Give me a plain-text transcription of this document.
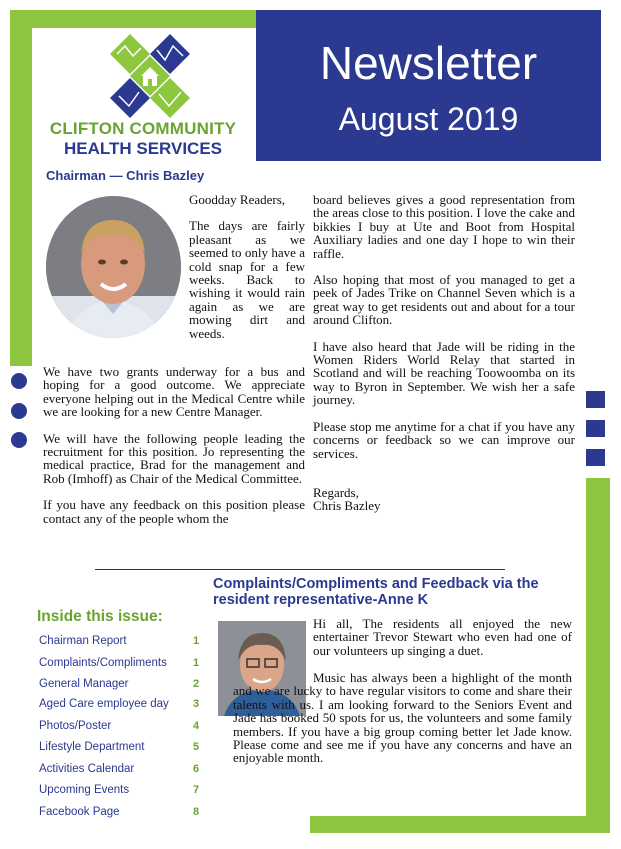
Newsletter
August 2019
CLIFTON COMMUNITY
HEALTH SERVICES
Chairman — Chris Bazley

Goodday Readers,

The days are fairly pleasant as we seemed to only have a cold snap for a few weeks. Back to wishing it would rain again as we are mowing dirt and weeds.

We have two grants underway for a bus and hoping for a good outcome. We appreciate everyone helping out in the Medical Centre while we are looking for a new Centre Manager.

We will have the following people leading the recruitment for this position. Jo representing the medical practice, Brad for the management and Rob (Imhoff) as Chair of the Medical Committee.

If you have any feedback on this position please contact any of the people whom the

board believes gives a good representation from the areas close to this position. I love the cake and bikkies I buy at Ute and Boot from Hospital Auxiliary ladies and one day I hope to win their raffle.

Also hoping that most of you managed to get a peek of Jades Trike on Channel Seven which is a great way to get residents out and about for a tour around Clifton.

I have also heard that Jade will be riding in the Women Riders World Relay that started in Scotland and will be reaching Toowoomba on its way to Byron in September. We wish her a safe journey.

Please stop me anytime for a chat if you have any concerns or feedback so we can improve our services.

Regards,
Chris Bazley
Complaints/Compliments and Feedback via the resident representative-Anne K

Hi all, The residents all enjoyed the new entertainer Trevor Stewart who even had one of our volunteers up singing a duet.

Music has always been a highlight of the month and we are lucky to have regular visitors to come and share their talents with us. I am looking forward to the Seniors Event and Jade has booked 50 spots for us, the volunteers and some family members. If you have a big group coming better let Jade know. Please come and see me if you have any concerns and have an enjoyable month.

Inside this issue:
Chairman Report	1
Complaints/Compliments	1
General Manager	2
Aged Care employee day	3
Photos/Poster	4
Lifestyle Department	5
Activities Calendar	6
Upcoming Events	7
Facebook Page	8
